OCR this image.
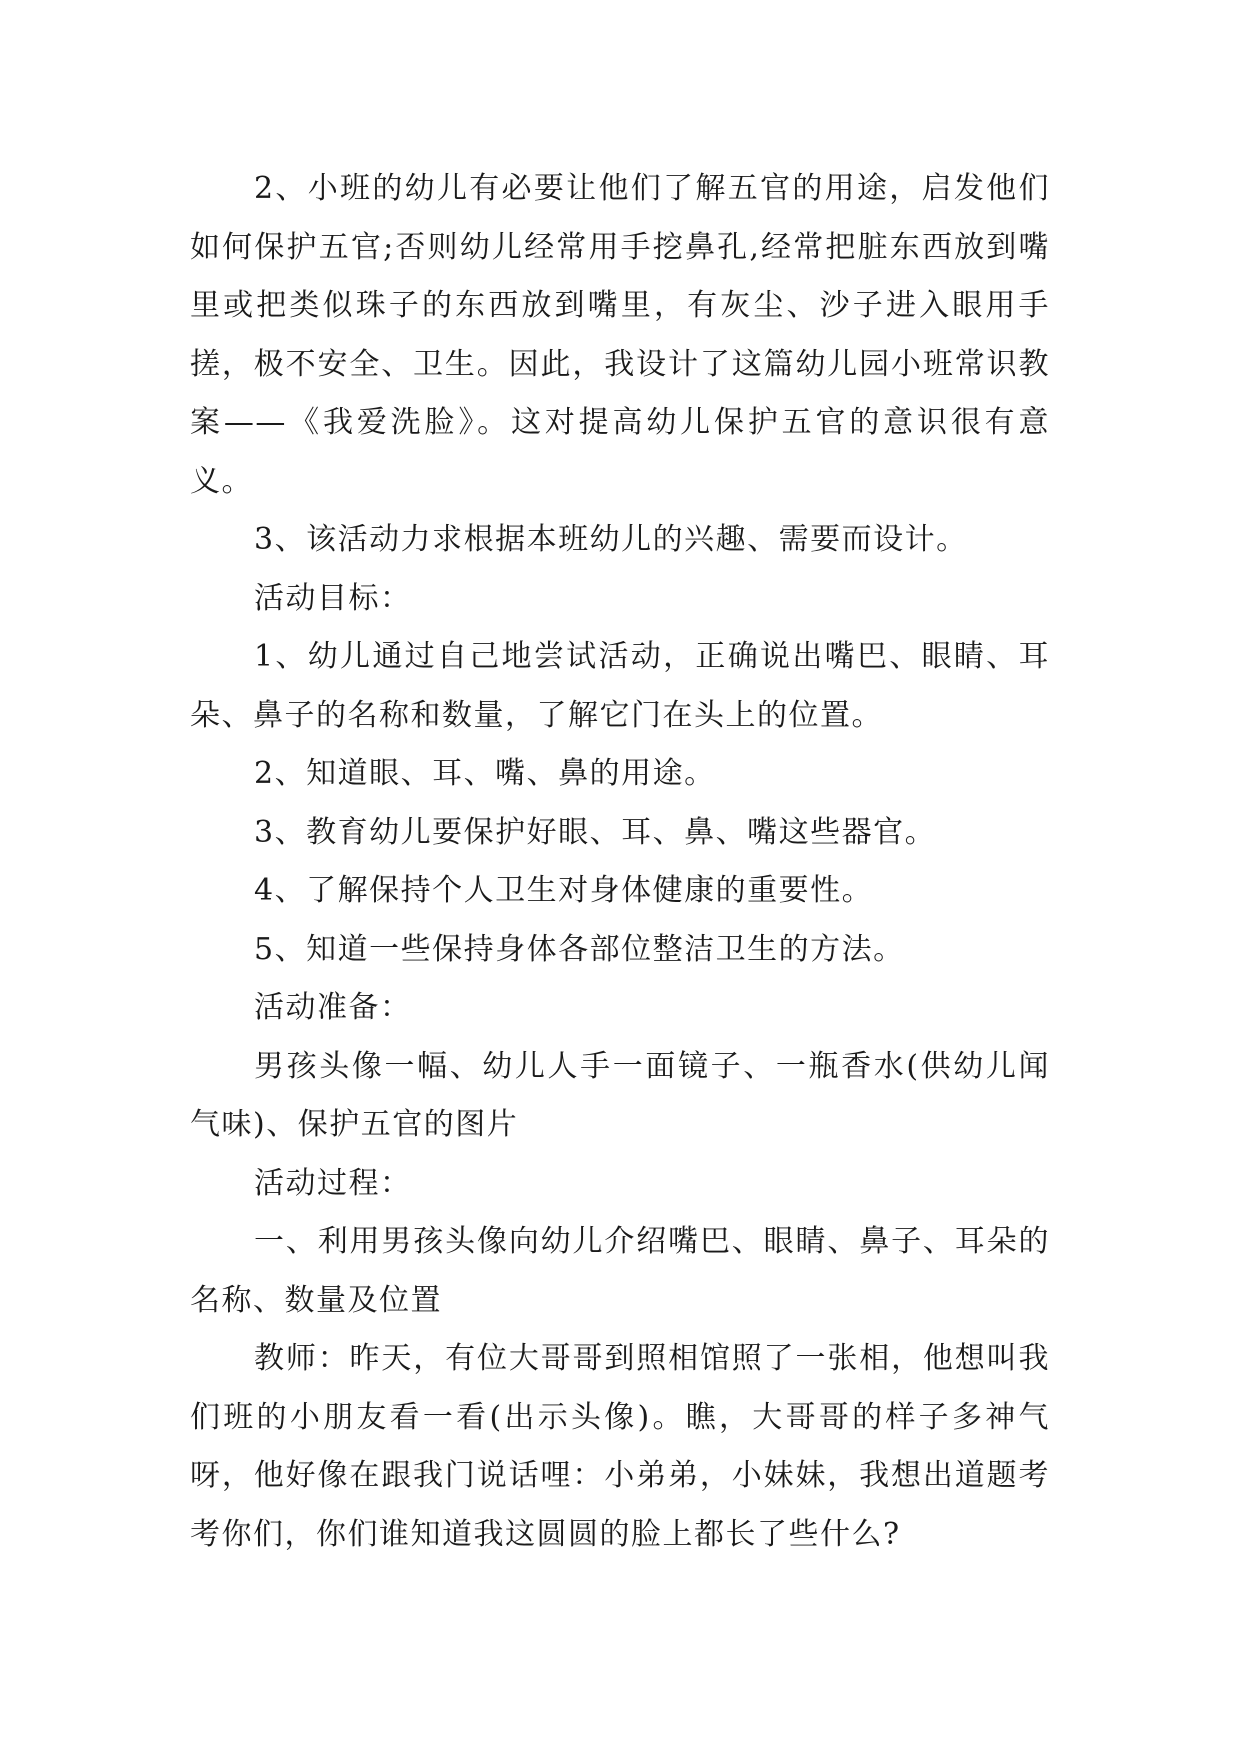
2、小班的幼儿有必要让他们了解五官的用途，启发他们如何保护五官;否则幼儿经常用手挖鼻孔,经常把脏东西放到嘴里或把类似珠子的东西放到嘴里，有灰尘、沙子进入眼用手搓，极不安全、卫生。因此，我设计了这篇幼儿园小班常识教案——《我爱洗脸》。这对提高幼儿保护五官的意识很有意义。

3、该活动力求根据本班幼儿的兴趣、需要而设计。

活动目标：

1、幼儿通过自己地尝试活动，正确说出嘴巴、眼睛、耳朵、鼻子的名称和数量，了解它门在头上的位置。

2、知道眼、耳、嘴、鼻的用途。

3、教育幼儿要保护好眼、耳、鼻、嘴这些器官。

4、了解保持个人卫生对身体健康的重要性。

5、知道一些保持身体各部位整洁卫生的方法。

活动准备：

男孩头像一幅、幼儿人手一面镜子、一瓶香水(供幼儿闻气味)、保护五官的图片

活动过程：

一、利用男孩头像向幼儿介绍嘴巴、眼睛、鼻子、耳朵的名称、数量及位置

教师：昨天，有位大哥哥到照相馆照了一张相，他想叫我们班的小朋友看一看(出示头像)。瞧，大哥哥的样子多神气呀，他好像在跟我门说话哩：小弟弟，小妹妹，我想出道题考考你们，你们谁知道我这圆圆的脸上都长了些什么?
